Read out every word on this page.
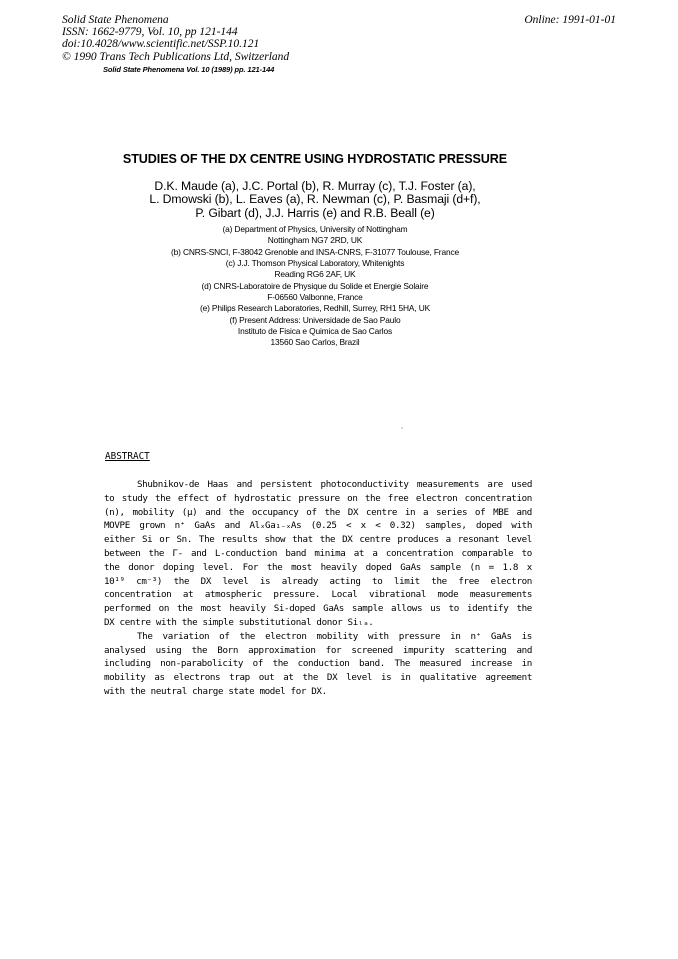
Solid State Phenomena
ISSN: 1662-9779, Vol. 10, pp 121-144
doi:10.4028/www.scientific.net/SSP.10.121
© 1990 Trans Tech Publications Ltd, Switzerland
Online: 1991-01-01
Solid State Phenomena Vol. 10 (1989) pp. 121-144
STUDIES OF THE DX CENTRE USING HYDROSTATIC PRESSURE
D.K. Maude (a), J.C. Portal (b), R. Murray (c), T.J. Foster (a),
L. Dmowski (b), L. Eaves (a), R. Newman (c), P. Basmaji (d+f),
P. Gibart (d), J.J. Harris (e) and R.B. Beall (e)
(a) Department of Physics, University of Nottingham
Nottingham NG7 2RD, UK
(b) CNRS-SNCI, F-38042 Grenoble and INSA-CNRS, F-31077 Toulouse, France
(c) J.J. Thomson Physical Laboratory, Whitenights
Reading RG6 2AF, UK
(d) CNRS-Laboratoire de Physique du Solide et Energie Solaire
F-06560 Valbonne, France
(e) Philips Research Laboratories, Redhill, Surrey, RH1 5HA, UK
(f) Present Address: Universidade de Sao Paulo
Instituto de Fisica e Quimica de Sao Carlos
13560 Sao Carlos, Brazil
ABSTRACT
Shubnikov-de Haas and persistent photoconductivity measurements are used
to study the effect of hydrostatic pressure on the free electron concentration
(n), mobility (μ) and the occupancy of the DX centre in a series of MBE and
MOVPE grown n⁺ GaAs and AlₓGa₁₋ₓAs (0.25 < x < 0.32) samples, doped with
either Si or Sn. The results show that the DX centre produces a resonant level
between the Γ- and L-conduction band minima at a concentration comparable to
the donor doping level. For the most heavily doped GaAs sample (n = 1.8 x
10¹⁹ cm⁻³) the DX level is already acting to limit the free electron
concentration at atmospheric pressure. Local vibrational mode measurements
performed on the most heavily Si-doped GaAs sample allows us to identify the
DX centre with the simple substitutional donor Siₗₐ.
The variation of the electron mobility with pressure in n⁺ GaAs is
analysed using the Born approximation for screened impurity scattering and
including non-parabolicity of the conduction band. The measured increase in
mobility as electrons trap out at the DX level is in qualitative agreement
with the neutral charge state model for DX.
